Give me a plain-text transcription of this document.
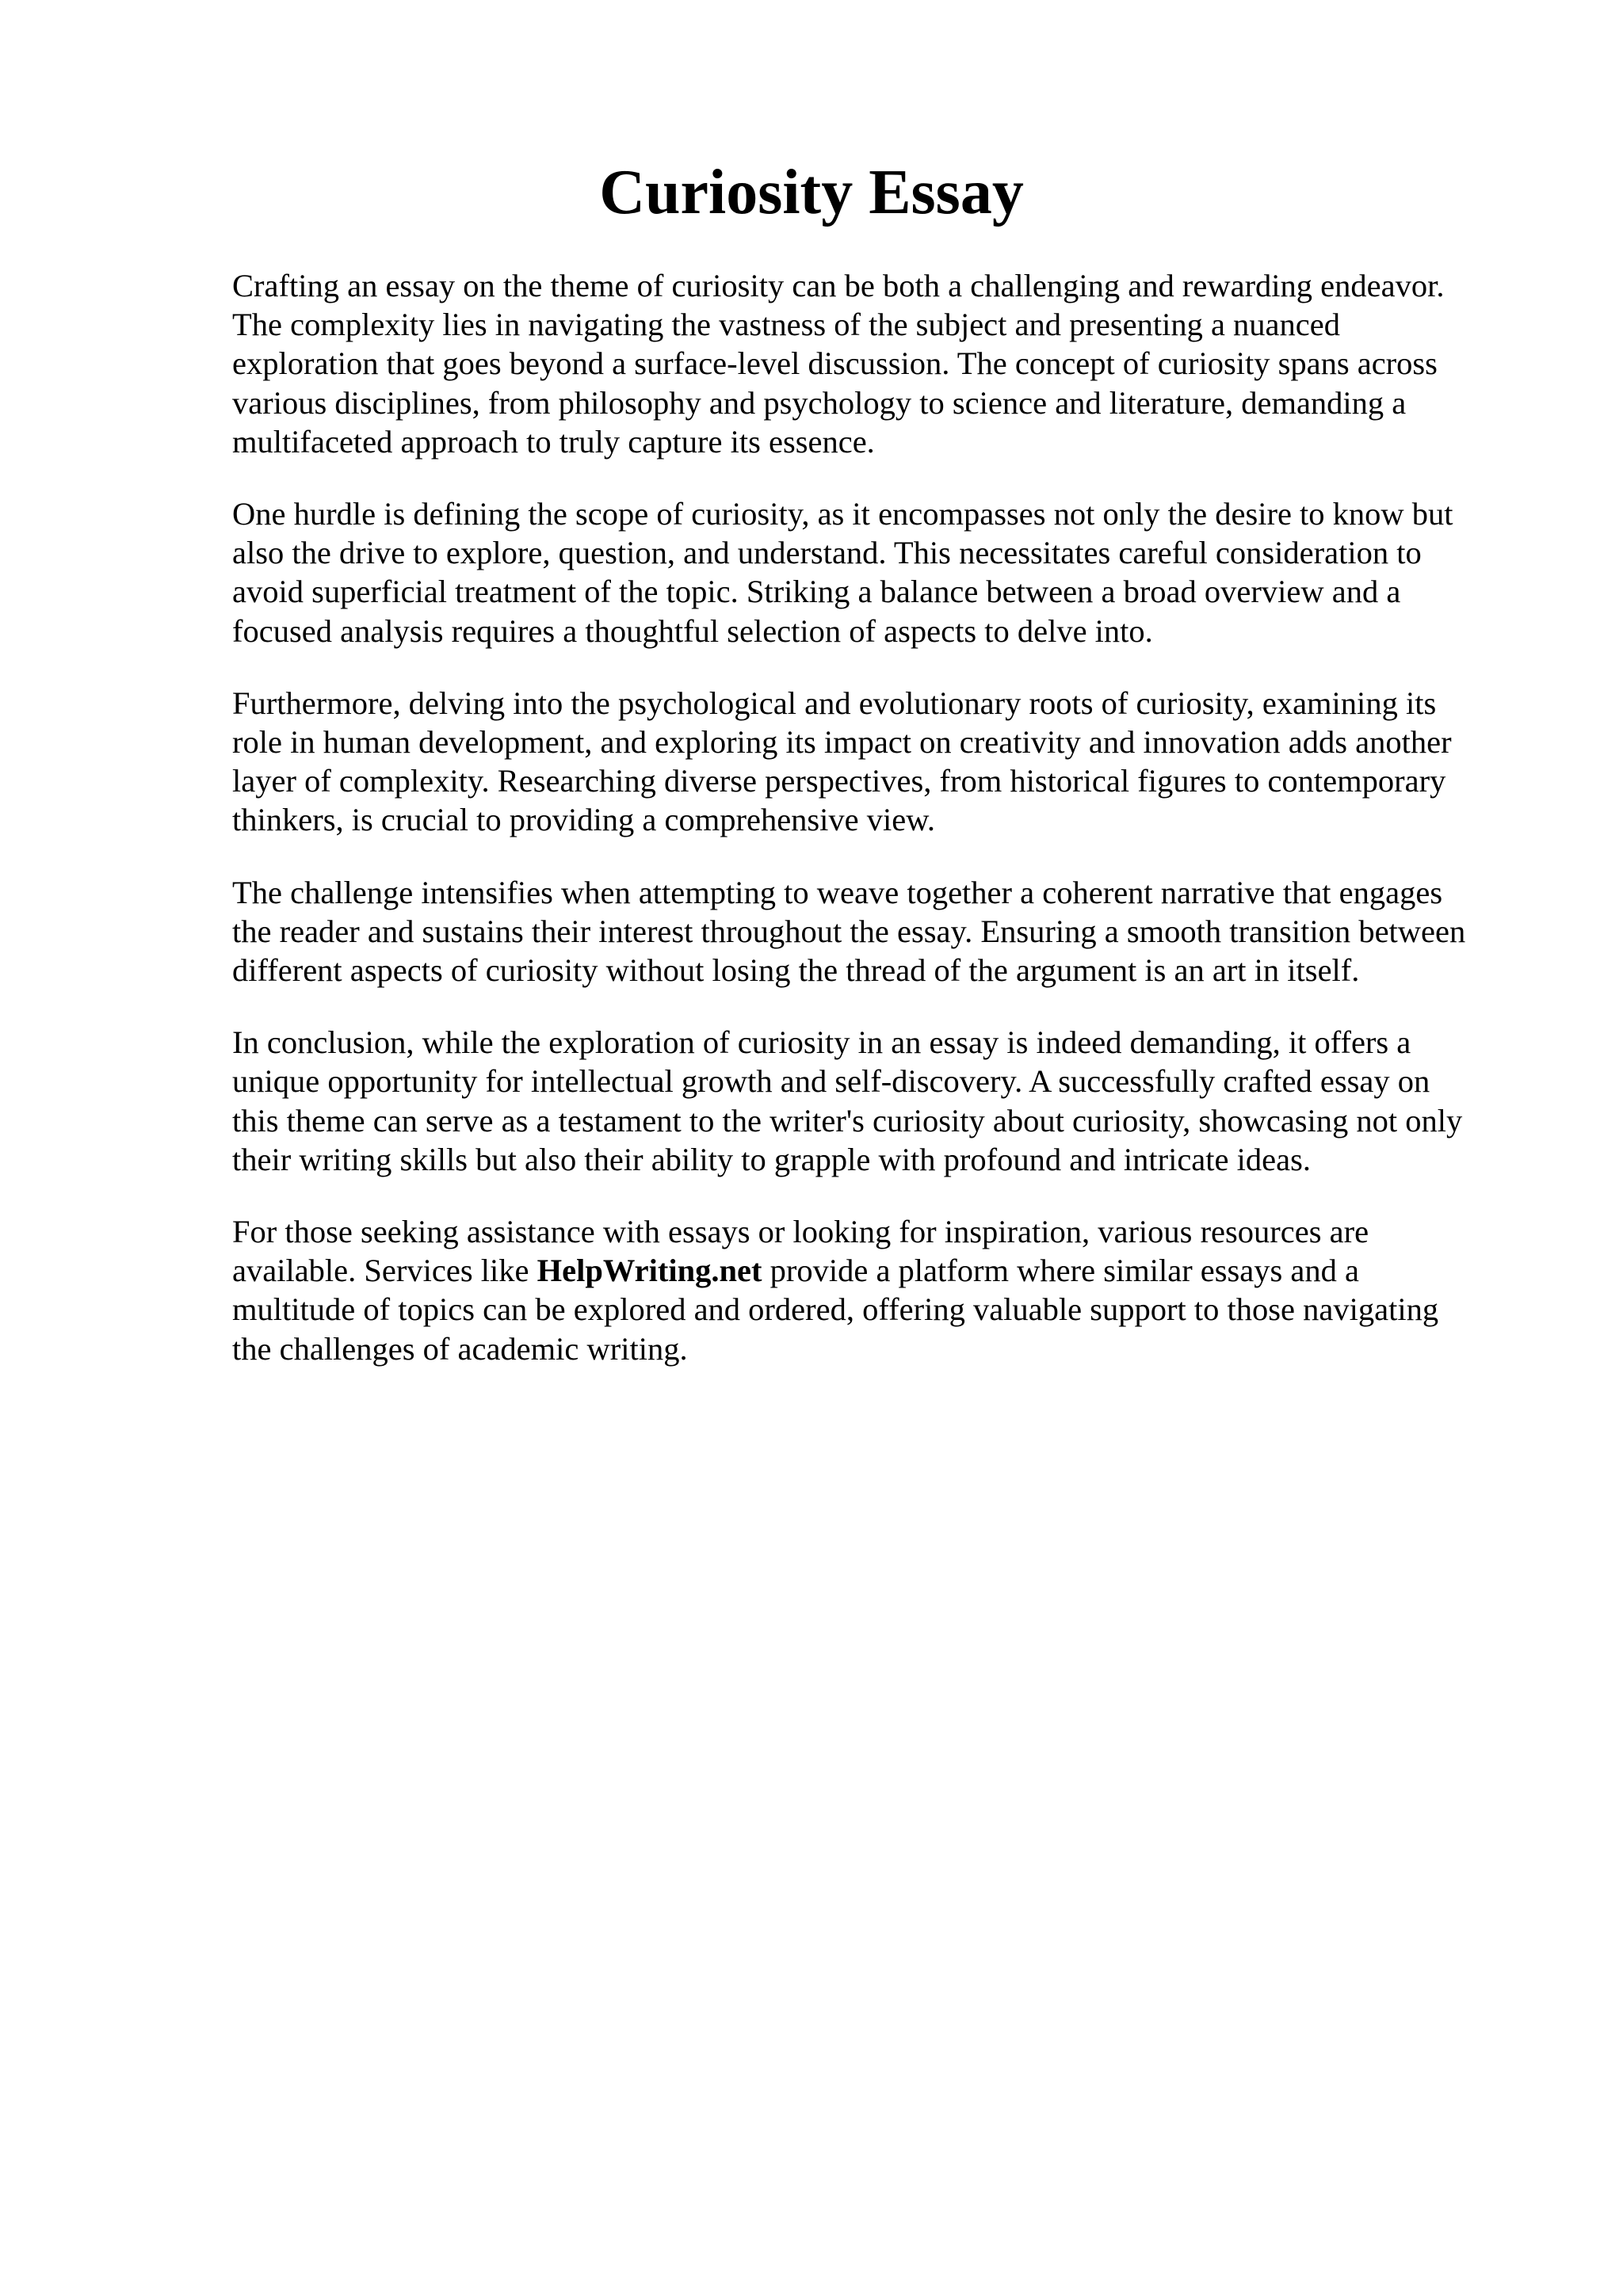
Curiosity Essay

Crafting an essay on the theme of curiosity can be both a challenging and rewarding endeavor.
The complexity lies in navigating the vastness of the subject and presenting a nuanced
exploration that goes beyond a surface-level discussion. The concept of curiosity spans across
various disciplines, from philosophy and psychology to science and literature, demanding a
multifaceted approach to truly capture its essence.

One hurdle is defining the scope of curiosity, as it encompasses not only the desire to know but
also the drive to explore, question, and understand. This necessitates careful consideration to
avoid superficial treatment of the topic. Striking a balance between a broad overview and a
focused analysis requires a thoughtful selection of aspects to delve into.

Furthermore, delving into the psychological and evolutionary roots of curiosity, examining its
role in human development, and exploring its impact on creativity and innovation adds another
layer of complexity. Researching diverse perspectives, from historical figures to contemporary
thinkers, is crucial to providing a comprehensive view.

The challenge intensifies when attempting to weave together a coherent narrative that engages
the reader and sustains their interest throughout the essay. Ensuring a smooth transition between
different aspects of curiosity without losing the thread of the argument is an art in itself.

In conclusion, while the exploration of curiosity in an essay is indeed demanding, it offers a
unique opportunity for intellectual growth and self-discovery. A successfully crafted essay on
this theme can serve as a testament to the writer's curiosity about curiosity, showcasing not only
their writing skills but also their ability to grapple with profound and intricate ideas.

For those seeking assistance with essays or looking for inspiration, various resources are
available. Services like HelpWriting.net provide a platform where similar essays and a
multitude of topics can be explored and ordered, offering valuable support to those navigating
the challenges of academic writing.
